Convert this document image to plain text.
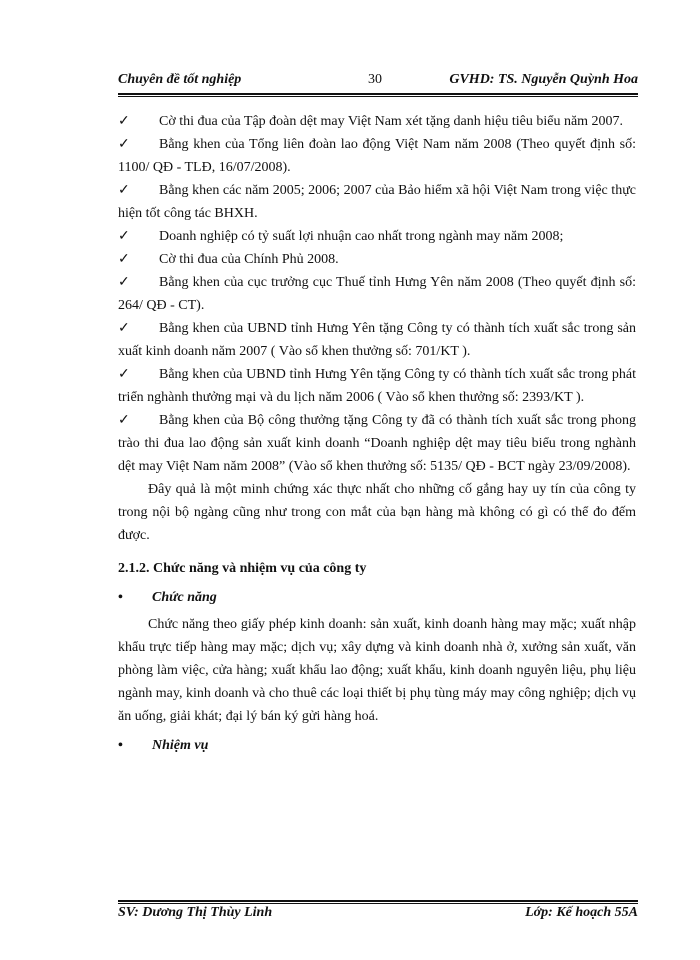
Chuyên đề tốt nghiệp	30	GVHD: TS. Nguyễn Quỳnh Hoa

✓ Cờ thi đua của Tập đoàn dệt may Việt Nam xét tặng danh hiệu tiêu biểu năm 2007.

✓ Bằng khen của Tổng liên đoàn lao động Việt Nam năm 2008 (Theo quyết định số: 1100/ QĐ - TLĐ, 16/07/2008).

✓ Bằng khen các năm 2005; 2006; 2007 của Bảo hiểm xã hội Việt Nam trong việc thực hiện tốt công tác BHXH.

✓ Doanh nghiệp có tỷ suất lợi nhuận cao nhất trong ngành may năm 2008;

✓ Cờ thi đua của Chính Phủ 2008.

✓ Bằng khen của cục trưởng cục Thuế tỉnh Hưng Yên năm 2008 (Theo quyết định số: 264/ QĐ - CT).

✓ Bằng khen của UBND tỉnh Hưng Yên tặng Công ty có thành tích xuất sắc trong sản xuất kinh doanh năm 2007 ( Vào sổ khen thưởng số: 701/KT ).

✓ Bằng khen của UBND tỉnh Hưng Yên tặng Công ty có thành tích xuất sắc trong phát triển nghành thưởng mại và du lịch năm 2006 ( Vào sổ khen thưởng số: 2393/KT ).

✓ Bằng khen của Bộ công thưởng tặng Công ty đã có thành tích xuất sắc trong phong trào thi đua lao động sản xuất kinh doanh “Doanh nghiệp dệt may tiêu biểu trong nghành dệt may Việt Nam năm 2008” (Vào sổ khen thưởng số: 5135/ QĐ - BCT ngày 23/09/2008).

Đây quả là một minh chứng xác thực nhất cho những cố gắng hay uy tín của công ty trong nội bộ ngàng cũng như trong con mắt của bạn hàng mà không có gì có thể đo đếm được.

2.1.2. Chức năng và nhiệm vụ của công ty
• Chức năng

Chức năng theo giấy phép kinh doanh: sản xuất, kinh doanh hàng may mặc; xuất nhập khẩu trực tiếp hàng may mặc; dịch vụ; xây dựng và kinh doanh nhà ở, xưởng sản xuất, văn phòng làm việc, cửa hàng; xuất khẩu lao động; xuất khẩu, kinh doanh nguyên liệu, phụ liệu ngành may, kinh doanh và cho thuê các loại thiết bị phụ tùng máy may công nghiệp; dịch vụ ăn uống, giải khát; đại lý bán ký gửi hàng hoá.

• Nhiệm vụ
SV: Dương Thị Thùy Linh	Lớp: Kế hoạch 55A
